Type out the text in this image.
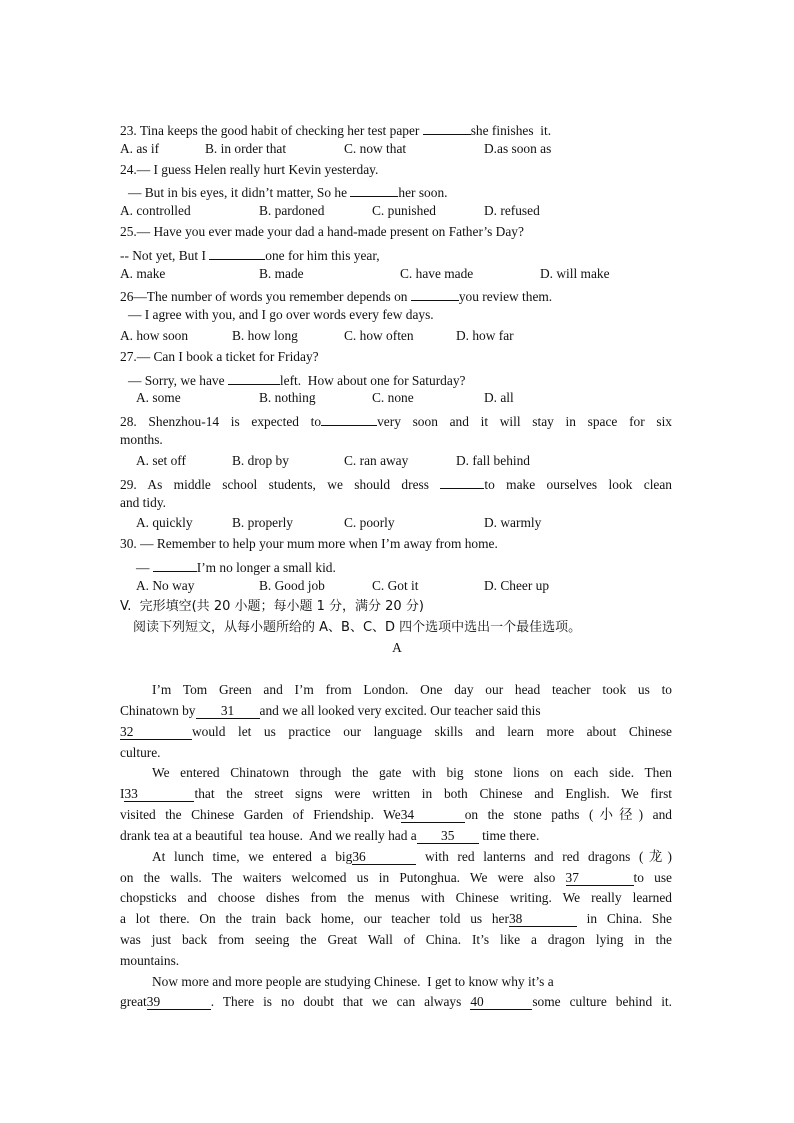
23. Tina keeps the good habit of checking her test paper	she finishes  it.
A. as if	B. in order that	C. now that	D.as soon as
24.— I guess Helen really hurt Kevin yesterday.
— But in bis eyes, it didn’t matter, So he	her soon.
A. controlled	B. pardoned	C. punished	D. refused
25.— Have you ever made your dad a hand-made present on Father’s Day?
-- Not yet, But I	one for him this year,
A. make	B. made	C. have made	D. will make
26—The number of words you remember depends on	you review them.
— I agree with you, and I go over words every few days.
A. how soon	B. how long	C. how often	D. how far
27.— Can I book a ticket for Friday?
— Sorry, we have	left.  How about one for Saturday?
A. some	B. nothing	C. none	D. all
28. Shenzhou-14 is expected to	very soon and it will stay in space for six
months.
A. set off	B. drop by	C. ran away	D. fall behind
29. As middle school students, we should dress	to make ourselves look clean
and tidy.
A. quickly	B. properly	C. poorly	D. warmly
30. — Remember to help your mum more when I’m away from home.
—	I’m no longer a small kid.
A. No way	B. Good job	C. Got it	D. Cheer up
V.  完形填空(共 20 小题；每小题 1 分，满分 20 分)
阅读下列短文，从每小题所给的 A、B、C、D 四个选项中选出一个最佳选项。
A
I’m Tom Green and I’m from London. One day our head teacher took us to
Chinatown by 31 and we all looked very excited. Our teacher said this
32	would let us practice our language skills and learn more about Chinese
culture.
We entered Chinatown through the gate with big stone lions on each side. Then
I33	that the street signs were written in both Chinese and English. We first
visited the Chinese Garden of Friendship. We34	on the stone paths (小径) and
drank tea at a beautiful  tea house.  And we really had a 35 time there.
At lunch time, we entered a big36	with red lanterns and red dragons (龙)
on the walls. The waiters welcomed us in Putonghua. We were also 37	to use
chopsticks and choose dishes from the menus with Chinese writing. We really learned
a lot there. On the train back home, our teacher told us her38	in China. She
was just back from seeing the Great Wall of China. It’s like a dragon lying in the
mountains.
Now more and more people are studying Chinese.  I get to know why it’s a
great39	. There is no doubt that we can always 40	some culture behind it.
